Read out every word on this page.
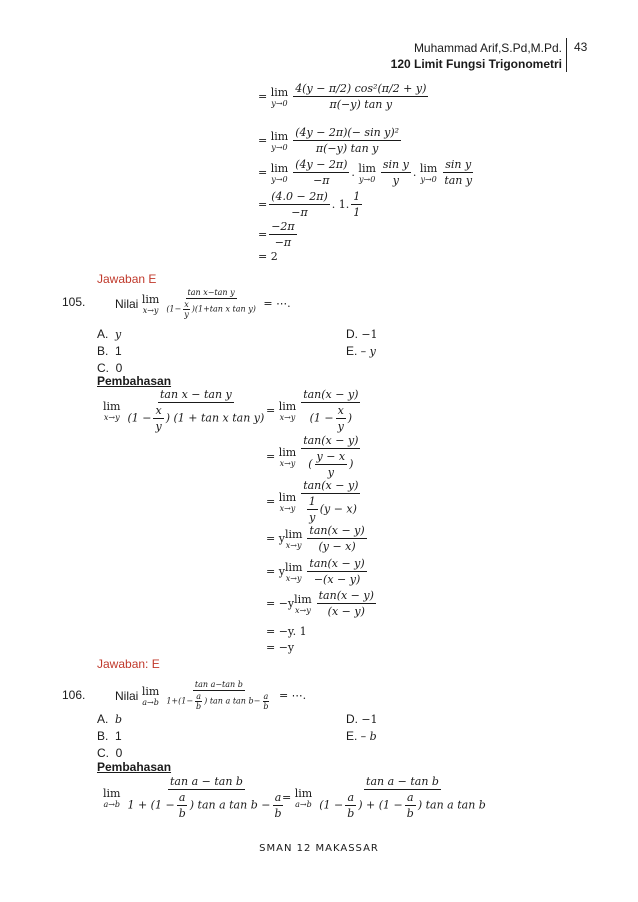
Muhammad Arif,S.Pd,M.Pd.
120 Limit Fungsi Trigonometri
43
=
lim
$y\to 0 \frac{\text{4(y − π/2) cos²(π/2 + y)}}{\text{π(−y) tan y}}$
=
lim
$y\to 0 \frac{\text{(4y − 2π)(− sin y)²}}{\text{π(−y) tan y}}$
=
lim
$y\to 0 \frac{(4y - 2\pi)}{-\pi}$ . lim
$y\to 0 \frac{\text{sin y}}{y}$ . lim
$y\to 0 \frac{\text{sin y}}{\text{tan y}}$
= $\frac{(4.0 - 2\pi)}{-\pi}$ . 1. $\frac{1}{1}$
= $\frac{-2\pi}{-\pi}$
= 2
Jawaban E
105. Nilai
lim
$x\to y \frac{\text{tan x−tan y}}{(1- \frac{x}{y} )(1+\tan x \tan y)}$
= ⋯.
A.  y
B.  1
C.  0
D. −1
E. – y
Pembahasan
lim
$x\to y \frac{\text{tan x − tan y}}{(1 - \frac{x}{y} ) (1 + \tan x \tan y)}$ =
lim
$x\to y \frac{\tan(x - y)}{(1 - \frac{x}{y} )}$
=
lim
$x\to y \frac{\tan(x - y)}{( \frac{y - x}{y} )}$
=
lim
$x\to y \frac{\tan(x - y)}{\frac{1}{y} (y - x)}$
= y lim
$x\to y \frac{\tan(x - y)}{(y - x)}$
= y lim
$x\to y \frac{\tan(x - y)}{-(x - y)}$
= −y lim
$x\to y \frac{\tan(x - y)}{(x - y)}$
= −y. 1
= −y
Jawaban: E
106. Nilai
lim
$a\to b \frac{\text{tan a−tan b}}{1+(1- \frac{a}{b} ) \tan a \tan b- \frac{a}{b}}$
= ⋯.
A.  b
B.  1
C.  0
D. −1
E. – b
Pembahasan
lim
$a\to b \frac{\text{tan a − tan b}}{1 + (1 - \frac{a}{b} ) \tan a \tan b - \frac{a}{b}}$
=
lim
$a\to b \frac{\text{tan a − tan b}}{(1 - \frac{a}{b} ) + (1 - \frac{a}{b} ) \tan a \tan b}$
SMAN 12 MAKASSAR
